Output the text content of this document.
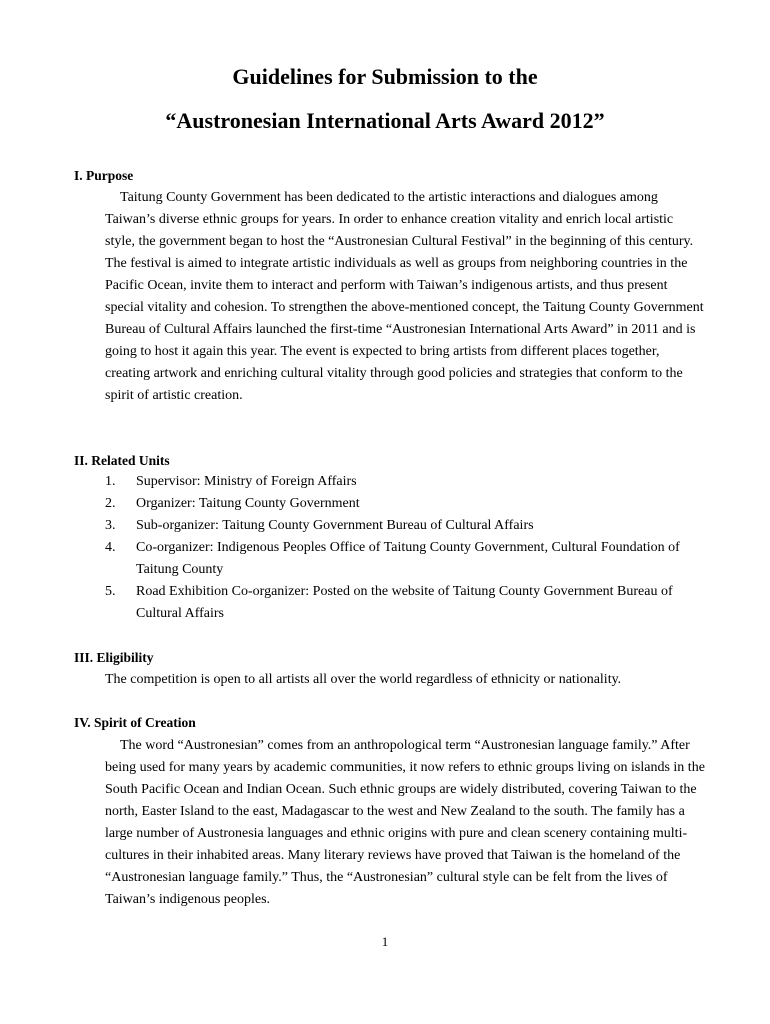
Guidelines for Submission to the
“Austronesian International Arts Award 2012”
I. Purpose

Taitung County Government has been dedicated to the artistic interactions and dialogues among Taiwan’s diverse ethnic groups for years. In order to enhance creation vitality and enrich local artistic style, the government began to host the “Austronesian Cultural Festival” in the beginning of this century. The festival is aimed to integrate artistic individuals as well as groups from neighboring countries in the Pacific Ocean, invite them to interact and perform with Taiwan’s indigenous artists, and thus present special vitality and cohesion. To strengthen the above-mentioned concept, the Taitung County Government Bureau of Cultural Affairs launched the first-time “Austronesian International Arts Award” in 2011 and is going to host it again this year. The event is expected to bring artists from different places together, creating artwork and enriching cultural vitality through good policies and strategies that conform to the spirit of artistic creation.

II. Related Units
1. Supervisor: Ministry of Foreign Affairs
2. Organizer: Taitung County Government
3. Sub-organizer: Taitung County Government Bureau of Cultural Affairs
4. Co-organizer: Indigenous Peoples Office of Taitung County Government, Cultural Foundation of Taitung County
5. Road Exhibition Co-organizer: Posted on the website of Taitung County Government Bureau of Cultural Affairs
III. Eligibility

The competition is open to all artists all over the world regardless of ethnicity or nationality.

IV. Spirit of Creation

The word “Austronesian” comes from an anthropological term “Austronesian language family.” After being used for many years by academic communities, it now refers to ethnic groups living on islands in the South Pacific Ocean and Indian Ocean. Such ethnic groups are widely distributed, covering Taiwan to the north, Easter Island to the east, Madagascar to the west and New Zealand to the south. The family has a large number of Austronesia languages and ethnic origins with pure and clean scenery containing multi-cultures in their inhabited areas. Many literary reviews have proved that Taiwan is the homeland of the “Austronesian language family.” Thus, the “Austronesian” cultural style can be felt from the lives of Taiwan’s indigenous peoples.

1
